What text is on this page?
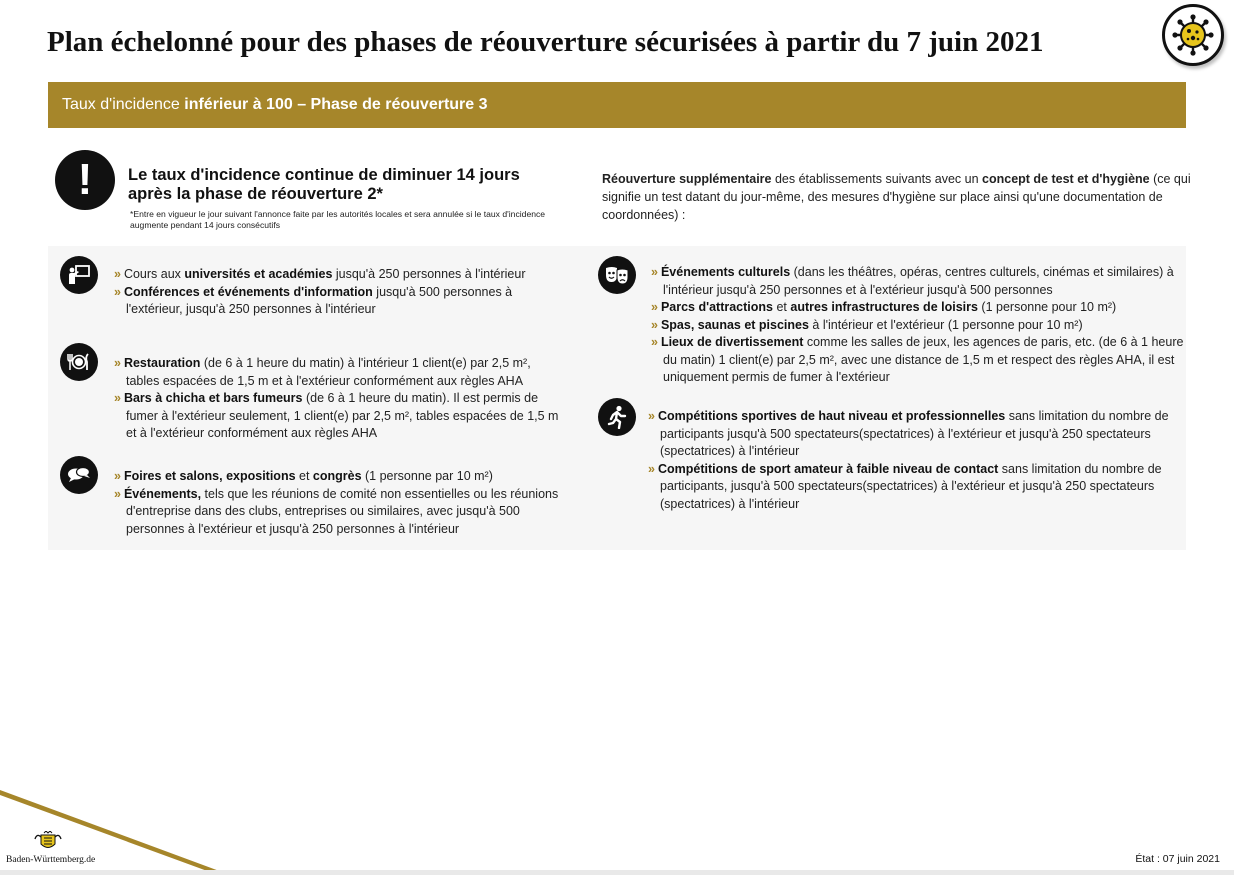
Plan échelonné pour des phases de réouverture sécurisées à partir du 7 juin 2021
Taux d'incidence inférieur à 100 – Phase de réouverture 3
!	Le taux d'incidence continue de diminuer 14 jours après la phase de réouverture 2*
*Entre en vigueur le jour suivant l'annonce faite par les autorités locales et sera annulée si le taux d'incidence augmente pendant 14 jours consécutifs
Réouverture supplémentaire des établissements suivants avec un concept de test et d'hygiène (ce qui signifie un test datant du jour-même, des mesures d'hygiène sur place ainsi qu'une documentation de coordonnées) :
» Cours aux universités et académies jusqu'à 250 personnes à l'intérieur
» Conférences et événements d'information jusqu'à 500 personnes à l'extérieur, jusqu'à 250 personnes à l'intérieur
» Restauration (de 6 à 1 heure du matin) à l'intérieur 1 client(e) par 2,5 m², tables espacées de 1,5 m et à l'extérieur conformément aux règles AHA
» Bars à chicha et bars fumeurs (de 6 à 1 heure du matin). Il est permis de fumer à l'extérieur seulement, 1 client(e) par 2,5 m², tables espacées de 1,5 m et à l'extérieur conformément aux règles AHA
» Foires et salons, expositions et congrès (1 personne par 10 m²)
» Événements, tels que les réunions de comité non essentielles ou les réunions d'entreprise dans des clubs, entreprises ou similaires, avec jusqu'à 500 personnes à l'extérieur et jusqu'à 250 personnes à l'intérieur
» Événements culturels (dans les théâtres, opéras, centres culturels, cinémas et similaires) à l'intérieur jusqu'à 250 personnes et à l'extérieur jusqu'à 500 personnes
» Parcs d'attractions et autres infrastructures de loisirs (1 personne pour 10 m²)
» Spas, saunas et piscines à l'intérieur et l'extérieur (1 personne pour 10 m²)
» Lieux de divertissement comme les salles de jeux, les agences de paris, etc. (de 6 à 1 heure du matin) 1 client(e) par 2,5 m², avec une distance de 1,5 m et respect des règles AHA, il est uniquement permis de fumer à l'extérieur
» Compétitions sportives de haut niveau et professionnelles sans limitation du nombre de participants jusqu'à 500 spectateurs(spectatrices) à l'extérieur et jusqu'à 250 spectateurs (spectatrices) à l'intérieur
» Compétitions de sport amateur à faible niveau de contact sans limitation du nombre de participants, jusqu'à 500 spectateurs(spectatrices) à l'extérieur et jusqu'à 250 spectateurs (spectatrices) à l'intérieur
Baden-Württemberg.de	État : 07 juin 2021
